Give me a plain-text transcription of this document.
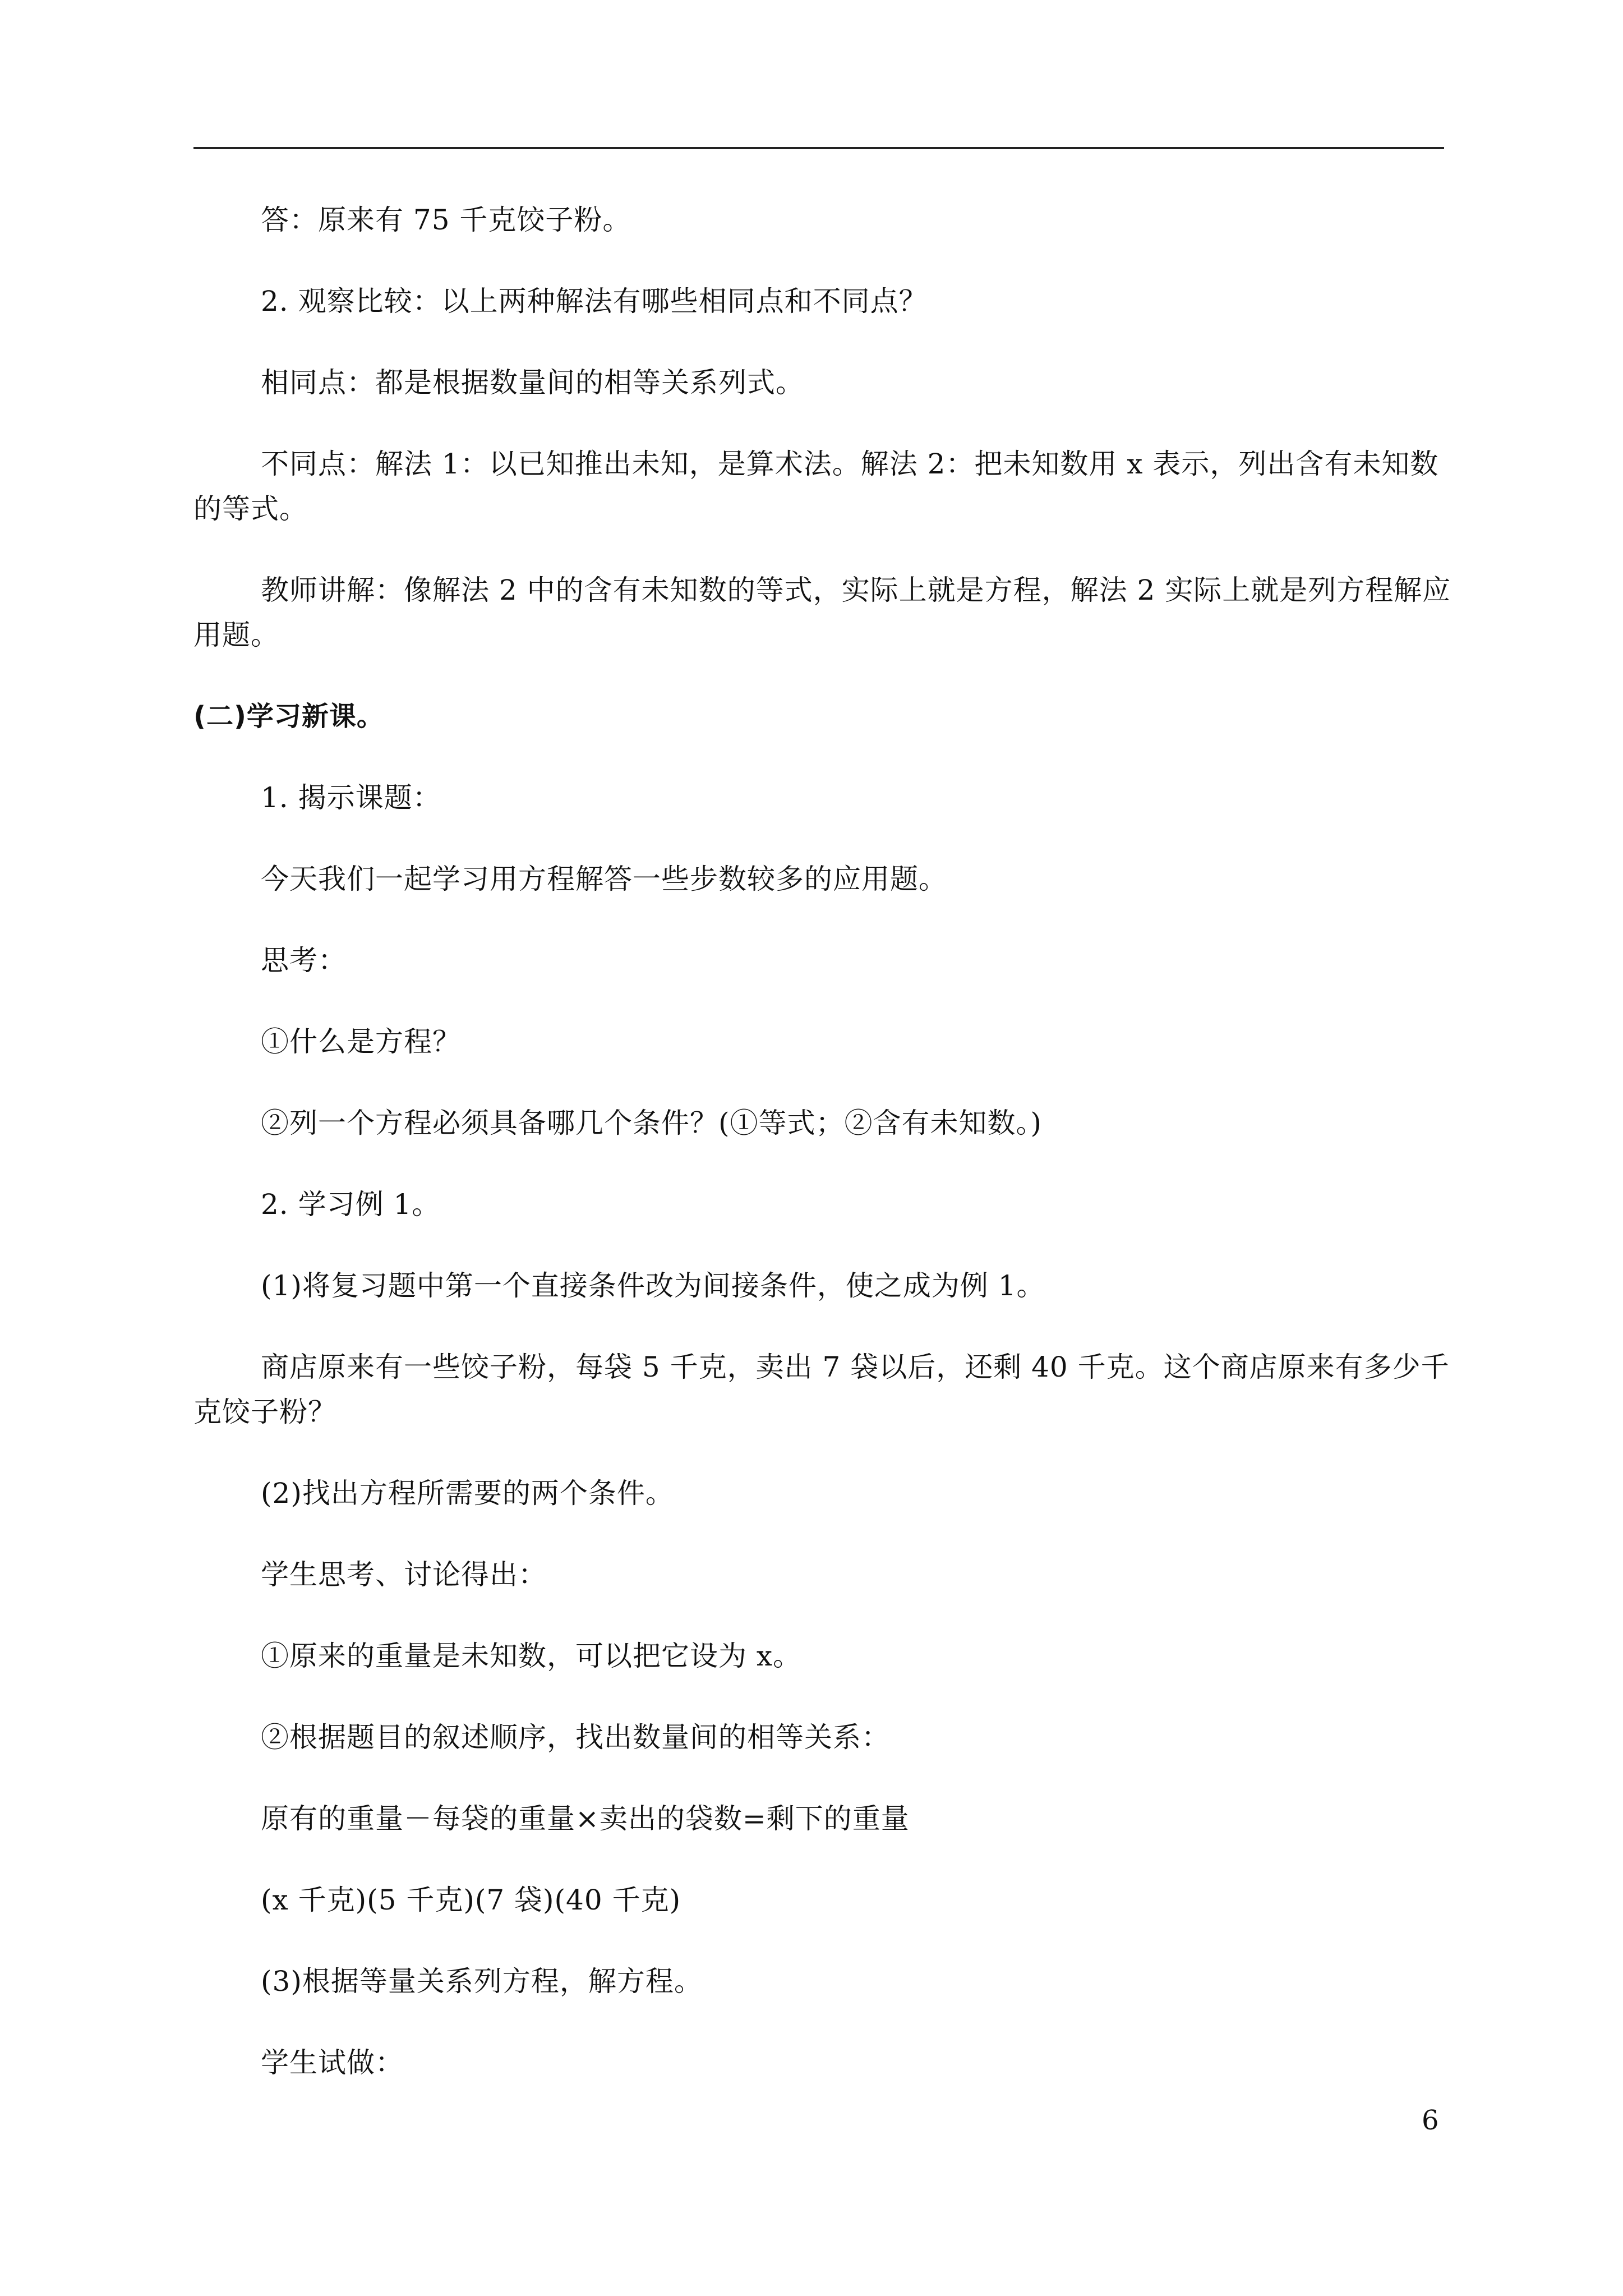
答：原来有 75 千克饺子粉。
2. 观察比较：以上两种解法有哪些相同点和不同点？
相同点：都是根据数量间的相等关系列式。
不同点：解法 1：以已知推出未知，是算术法。解法 2：把未知数用 x 表示，列出含有未知数
的等式。
教师讲解：像解法 2 中的含有未知数的等式，实际上就是方程，解法 2 实际上就是列方程解应
用题。
(二)学习新课。
1. 揭示课题：
今天我们一起学习用方程解答一些步数较多的应用题。
思考：
①什么是方程？
②列一个方程必须具备哪几个条件？(①等式；②含有未知数。)
2. 学习例 1。
(1)将复习题中第一个直接条件改为间接条件，使之成为例 1。
商店原来有一些饺子粉，每袋 5 千克，卖出 7 袋以后，还剩 40 千克。这个商店原来有多少千
克饺子粉？
(2)找出方程所需要的两个条件。
学生思考、讨论得出：
①原来的重量是未知数，可以把它设为 x。
②根据题目的叙述顺序，找出数量间的相等关系：
原有的重量－每袋的重量×卖出的袋数=剩下的重量
(x 千克)(5 千克)(7 袋)(40 千克)
(3)根据等量关系列方程，解方程。
学生试做：
6
